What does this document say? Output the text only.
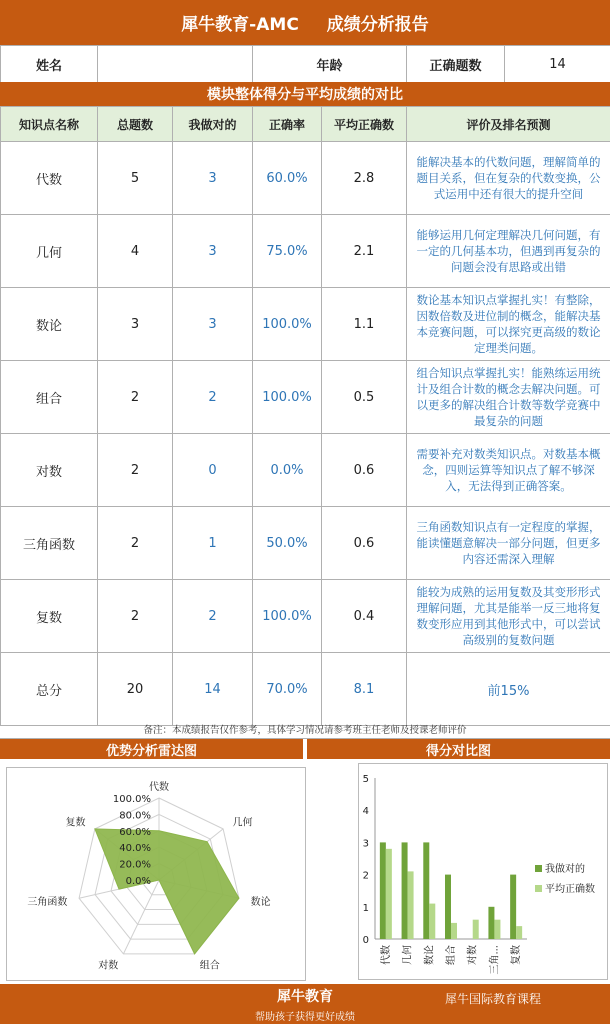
犀牛教育-AMC 成绩分析报告
姓名		年龄	正确题数	14
模块整体得分与平均成绩的对比
知识点名称	总题数	我做对的	正确率	平均正确数	评价及排名预测
代数	5	3	60.0%	2.8	能解决基本的代数问题，理解简单的题目关系，但在复杂的代数变换，公式运用中还有很大的提升空间
几何	4	3	75.0%	2.1	能够运用几何定理解决几何问题，有一定的几何基本功，但遇到再复杂的问题会没有思路或出错
数论	3	3	100.0%	1.1	数论基本知识点掌握扎实！有整除，因数倍数及进位制的概念，能解决基本竞赛问题，可以探究更高级的数论定理类问题。
组合	2	2	100.0%	0.5	组合知识点掌握扎实！能熟练运用统计及组合计数的概念去解决问题。可以更多的解决组合计数等数学竞赛中最复杂的问题
对数	2	0	0.0%	0.6	需要补充对数类知识点。对数基本概念，四则运算等知识点了解不够深入，无法得到正确答案。
三角函数	2	1	50.0%	0.6	三角函数知识点有一定程度的掌握，能读懂题意解决一部分问题，但更多内容还需深入理解
复数	2	2	100.0%	0.4	能较为成熟的运用复数及其变形形式理解问题，尤其是能举一反三地将复数变形应用到其他形式中，可以尝试高级别的复数问题
总分	20	14	70.0%	8.1	前15%
备注：本成绩报告仅作参考，具体学习情况请参考班主任老师及授课老师评价
优势分析雷达图	得分对比图
0.0%
20.0%
40.0%
60.0%
80.0%
100.0%
代数
几何
数论
组合
对数
三角函数
复数
0
1
2
3
4
5
代数 几何 数论 组合 对数 三角... 复数
我做对的
平均正确数
犀牛教育
帮助孩子获得更好成绩
犀牛国际教育课程
